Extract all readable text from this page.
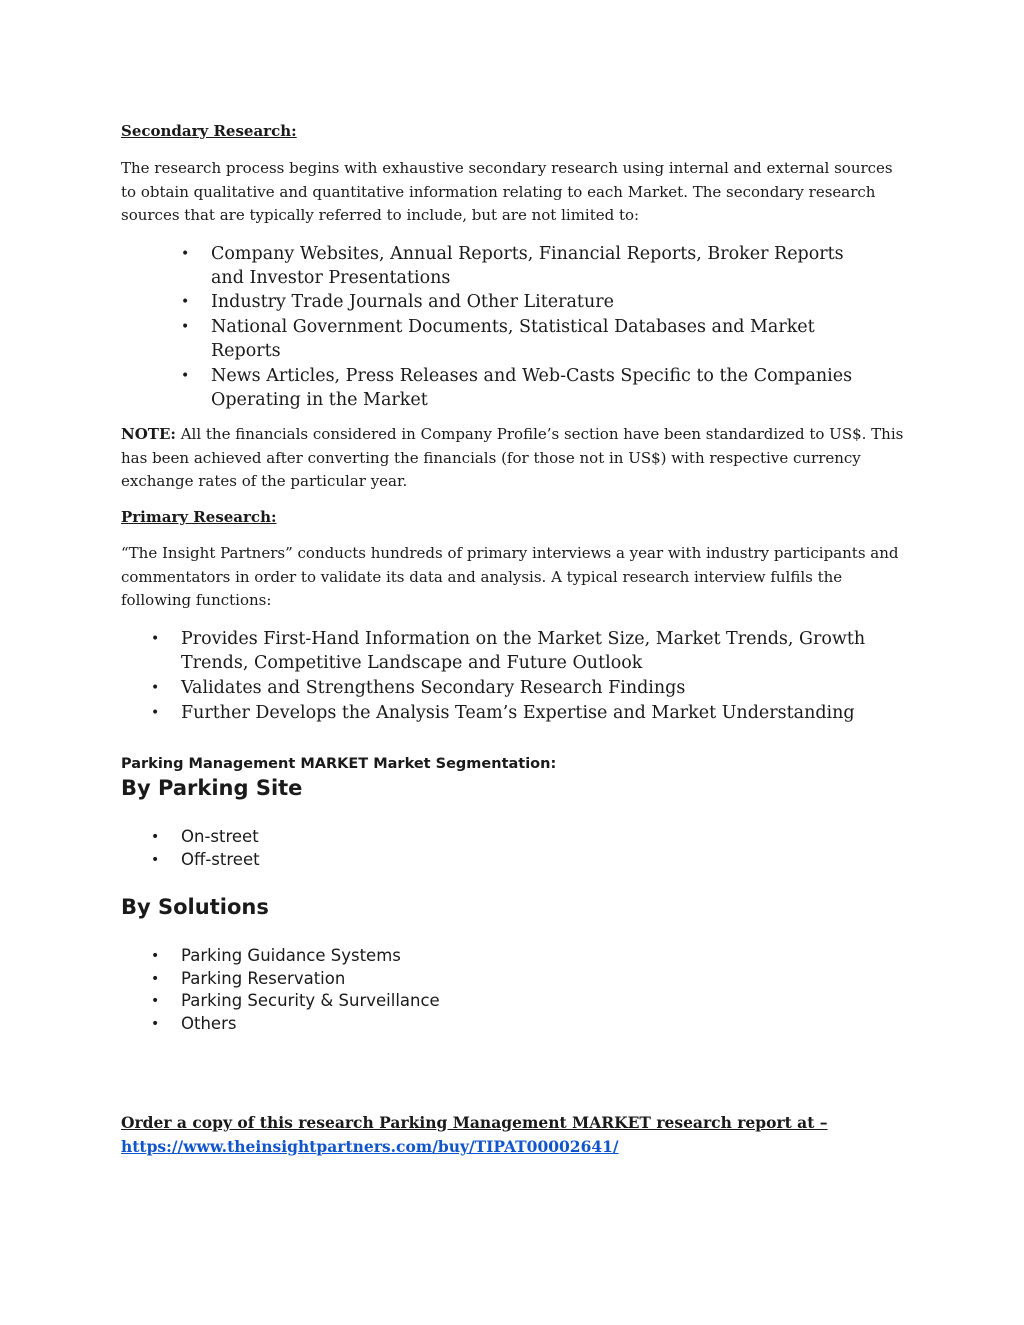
Secondary Research:

The research process begins with exhaustive secondary research using internal and external sources to obtain qualitative and quantitative information relating to each Market. The secondary research sources that are typically referred to include, but are not limited to:

•	Company Websites, Annual Reports, Financial Reports, Broker Reports and Investor Presentations
•	Industry Trade Journals and Other Literature
•	National Government Documents, Statistical Databases and Market Reports
•	News Articles, Press Releases and Web-Casts Specific to the Companies Operating in the Market

NOTE: All the financials considered in Company Profile’s section have been standardized to US$. This has been achieved after converting the financials (for those not in US$) with respective currency exchange rates of the particular year.

Primary Research:

“The Insight Partners” conducts hundreds of primary interviews a year with industry participants and commentators in order to validate its data and analysis. A typical research interview fulfils the following functions:

•	Provides First-Hand Information on the Market Size, Market Trends, Growth Trends, Competitive Landscape and Future Outlook
•	Validates and Strengthens Secondary Research Findings
•	Further Develops the Analysis Team’s Expertise and Market Understanding

Parking Management MARKET Market Segmentation:

By Parking Site

•	On-street
•	Off-street

By Solutions

•	Parking Guidance Systems
•	Parking Reservation
•	Parking Security & Surveillance
•	Others

Order a copy of this research Parking Management MARKET research report at –

https://www.theinsightpartners.com/buy/TIPAT00002641/
